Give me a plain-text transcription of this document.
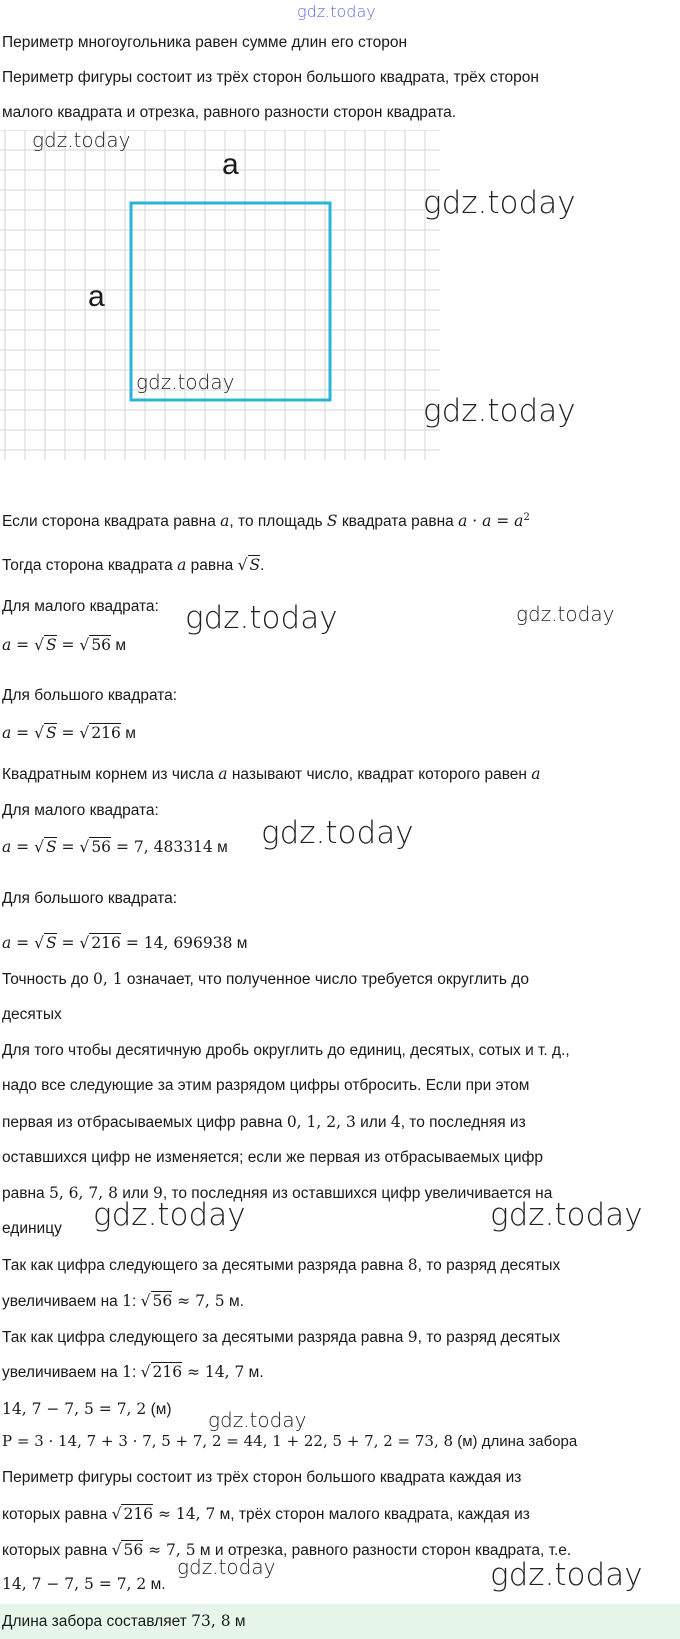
gdz.today
Периметр многоугольника равен сумме длин его сторон
Периметр фигуры состоит из трёх сторон большого квадрата, трёх сторон
малого квадрата и отрезка, равного разности сторон квадрата.
a
a
gdz.today
gdz.today
gdz.today
gdz.today
Если сторона квадрата равна a, то площадь S квадрата равна $a \cdot a = a^2$
Тогда сторона квадрата a равна √ S.
Для малого квадрата: gdz.today	gdz.today
a = √ S = √ 56 м
Для большого квадрата:
a = √ S = √ 216 м
Квадратным корнем из числа a называют число, квадрат которого равен a
Для малого квадрата:
gdz.today
a = √ S = √ 56 = 7, 483314 м
Для большого квадрата:
a = √ S = √ 216 = 14, 696938 м
Точность до 0, 1 означает, что полученное число требуется округлить до
десятых
Для того чтобы десятичную дробь округлить до единиц, десятых, сотых и т. д.,
надо все следующие за этим разрядом цифры отбросить. Если при этом
первая из отбрасываемых цифр равна 0, 1, 2, 3 или 4, то последняя из
оставшихся цифр не изменяется; если же первая из отбрасываемых цифр
равна 5, 6, 7, 8 или 9, то последняя из оставшихся цифр увеличивается на
единицу gdz.today	gdz.today
Так как цифра следующего за десятыми разряда равна 8, то разряд десятых
увеличиваем на 1: √ 56 ≈ 7, 5 м.
Так как цифра следующего за десятыми разряда равна 9, то разряд десятых
увеличиваем на 1: √ 216 ≈ 14, 7 м.
14, 7 − 7, 5 = 7, 2 (м) gdz.today
P = 3 · 14, 7 + 3 · 7, 5 + 7, 2 = 44, 1 + 22, 5 + 7, 2 = 73, 8 (м) длина забора
Периметр фигуры состоит из трёх сторон большого квадрата каждая из
которых равна √ 216 ≈ 14, 7 м, трёх сторон малого квадрата, каждая из
которых равна √ 56 ≈ 7, 5 м и отрезка, равного разности сторон квадрата, т.е.
gdz.today	gdz.today
14, 7 − 7, 5 = 7, 2 м.
Длина забора составляет 73, 8 м
